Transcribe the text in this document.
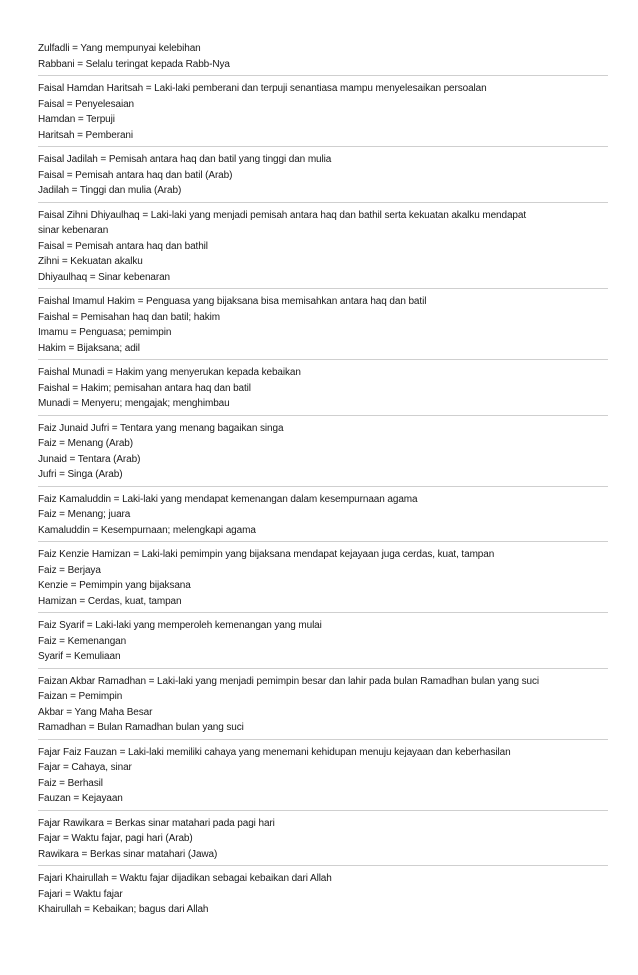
Zulfadli = Yang mempunyai kelebihan
Rabbani = Selalu teringat kepada Rabb-Nya
Faisal Hamdan Haritsah = Laki-laki pemberani dan terpuji senantiasa mampu menyelesaikan persoalan
Faisal = Penyelesaian
Hamdan = Terpuji
Haritsah = Pemberani
Faisal Jadilah = Pemisah antara haq dan batil yang tinggi dan mulia
Faisal = Pemisah antara haq dan batil (Arab)
Jadilah = Tinggi dan mulia (Arab)
Faisal Zihni Dhiyaulhaq = Laki-laki yang menjadi pemisah antara haq dan bathil serta kekuatan akalku mendapat
sinar kebenaran
Faisal = Pemisah antara haq dan bathil
Zihni = Kekuatan akalku
Dhiyaulhaq = Sinar kebenaran
Faishal Imamul Hakim = Penguasa yang bijaksana bisa memisahkan antara haq dan batil
Faishal = Pemisahan haq dan batil; hakim
Imamu = Penguasa; pemimpin
Hakim = Bijaksana; adil
Faishal Munadi = Hakim yang menyerukan kepada kebaikan
Faishal = Hakim; pemisahan antara haq dan batil
Munadi = Menyeru; mengajak; menghimbau
Faiz Junaid Jufri = Tentara yang menang bagaikan singa
Faiz = Menang (Arab)
Junaid = Tentara (Arab)
Jufri = Singa (Arab)
Faiz Kamaluddin = Laki-laki yang mendapat kemenangan dalam kesempurnaan agama
Faiz = Menang; juara
Kamaluddin = Kesempurnaan; melengkapi agama
Faiz Kenzie Hamizan = Laki-laki pemimpin yang bijaksana mendapat kejayaan juga cerdas, kuat, tampan
Faiz = Berjaya
Kenzie = Pemimpin yang bijaksana
Hamizan = Cerdas, kuat, tampan
Faiz Syarif = Laki-laki yang memperoleh kemenangan yang mulai
Faiz = Kemenangan
Syarif = Kemuliaan
Faizan Akbar Ramadhan = Laki-laki yang menjadi pemimpin besar dan lahir pada bulan Ramadhan bulan yang suci
Faizan = Pemimpin
Akbar = Yang Maha Besar
Ramadhan = Bulan Ramadhan bulan yang suci
Fajar Faiz Fauzan = Laki-laki memiliki cahaya yang menemani kehidupan menuju kejayaan dan keberhasilan
Fajar = Cahaya, sinar
Faiz = Berhasil
Fauzan = Kejayaan
Fajar Rawikara = Berkas sinar matahari pada pagi hari
Fajar = Waktu fajar, pagi hari (Arab)
Rawikara = Berkas sinar matahari (Jawa)
Fajari Khairullah = Waktu fajar dijadikan sebagai kebaikan dari Allah
Fajari = Waktu fajar
Khairullah = Kebaikan; bagus dari Allah
